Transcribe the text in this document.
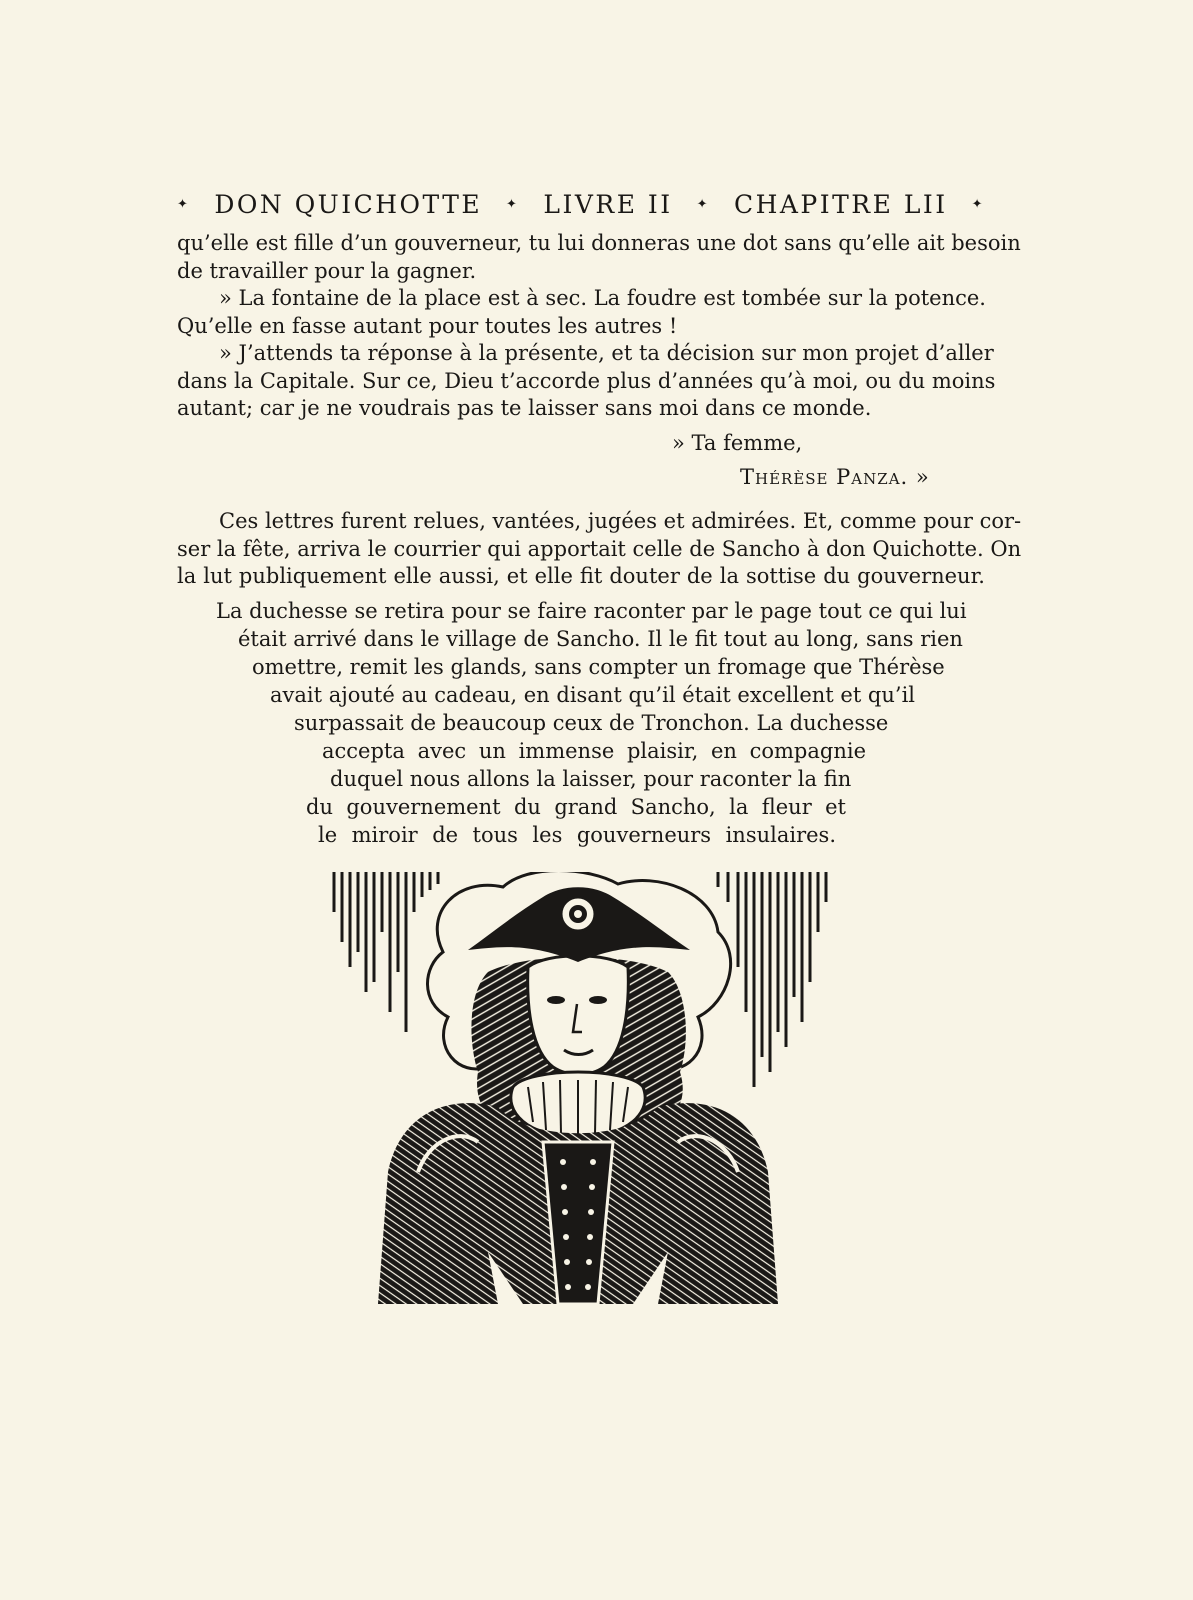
✦ DON QUICHOTTE ✦ LIVRE II ✦ CHAPITRE LII ✦
qu’elle est fille d’un gouverneur, tu lui donneras une dot sans qu’elle ait besoin
de travailler pour la gagner.
» La fontaine de la place est à sec. La foudre est tombée sur la potence.
Qu’elle en fasse autant pour toutes les autres !
» J’attends ta réponse à la présente, et ta décision sur mon projet d’aller
dans la Capitale. Sur ce, Dieu t’accorde plus d’années qu’à moi, ou du moins
autant; car je ne voudrais pas te laisser sans moi dans ce monde.
» Ta femme,
Thérèse Panza. »
Ces lettres furent relues, vantées, jugées et admirées. Et, comme pour cor-
ser la fête, arriva le courrier qui apportait celle de Sancho à don Quichotte. On
la lut publiquement elle aussi, et elle fit douter de la sottise du gouverneur.
La duchesse se retira pour se faire raconter par le page tout ce qui lui
était arrivé dans le village de Sancho. Il le fit tout au long, sans rien
omettre, remit les glands, sans compter un fromage que Thérèse
avait ajouté au cadeau, en disant qu’il était excellent et qu’il
surpassait de beaucoup ceux de Tronchon. La duchesse
accepta avec un immense plaisir, en compagnie
duquel nous allons la laisser, pour raconter la fin
du gouvernement du grand Sancho, la fleur et
le miroir de tous les gouverneurs insulaires.
